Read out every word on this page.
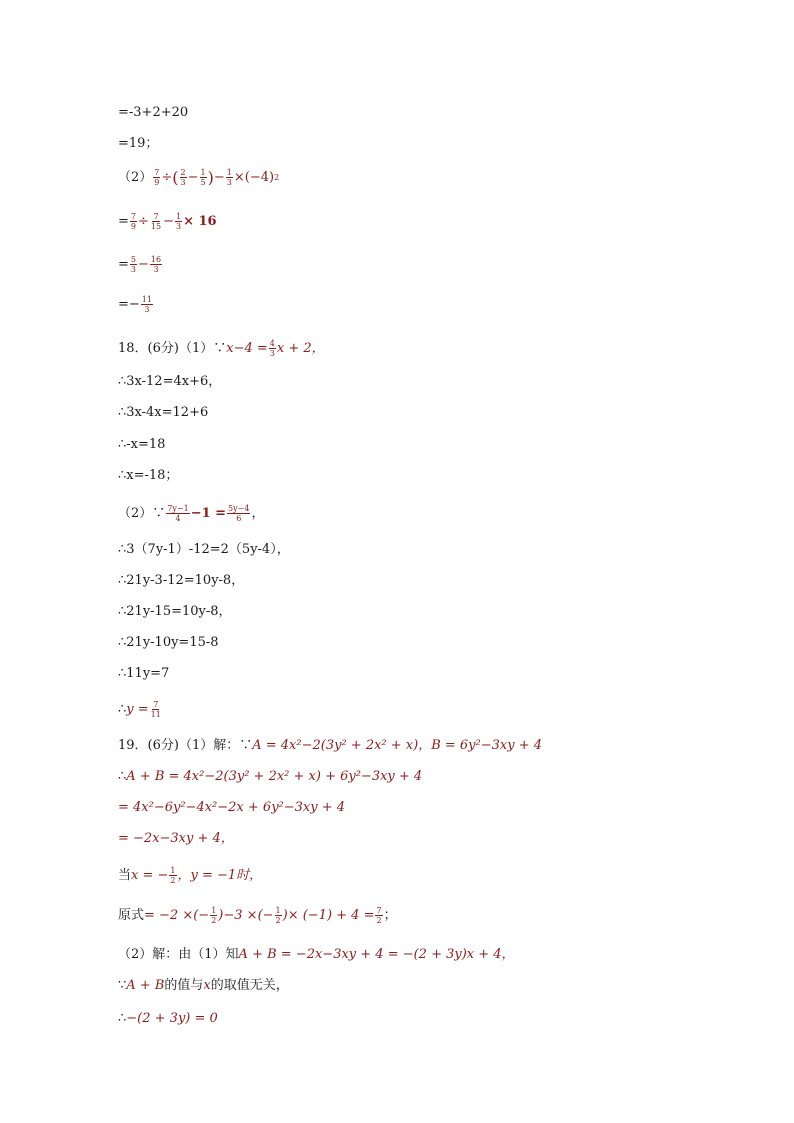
=-3+2+20
=19；
$(2) \frac{7}{9}$ ÷ ( $\frac{2}{3} - \frac{1}{5}$ ) − $\frac{1}{3} \times(-4)$ 2
= $\frac{7}{9} \div \frac{7}{15} - \frac{1}{3} \times 16$
= $\frac{5}{3} - \frac{16}{3}$
=− $\frac{11}{3}$
18．(6分)（1）∵ $x-4 = \frac{4}{3}$ x + 2，
∴3x-12=4x+6，
∴3x-4x=12+6
∴-x=18
∴x=-18；
（2）∵ $\frac{7y-1}{4} -1 = \frac{5y-4}{6}$ ，
∴3（7y-1）-12=2（5y-4），
∴21y-3-12=10y-8，
∴21y-15=10y-8，
∴21y-10y=15-8
∴11y=7
∴ $y = \frac{7}{11}$
19．(6分)（1）解：∵ A = 4x²−2(3y² + 2x² + x)，B = 6y²−3xy + 4
∴ A + B = 4x²−2(3y² + 2x² + x) + 6y²−3xy + 4
= 4x²−6y²−4x²−2x + 6y²−3xy + 4
= −2x−3xy + 4，
当 x = − $\frac{1}{2}$ ，y = −1时，
原式 = −2 × (− $\frac{1}{2} )-3$ × (− $\frac{1}{2}$ )× $(-1) + 4 = \frac{7}{2}$ ；
（2）解：由（1）知 A + B = −2x−3xy + 4 = −(2 + 3y)x + 4，
∵ A + B 的值与 x 的取值无关，
∴ −(2 + 3y) = 0
